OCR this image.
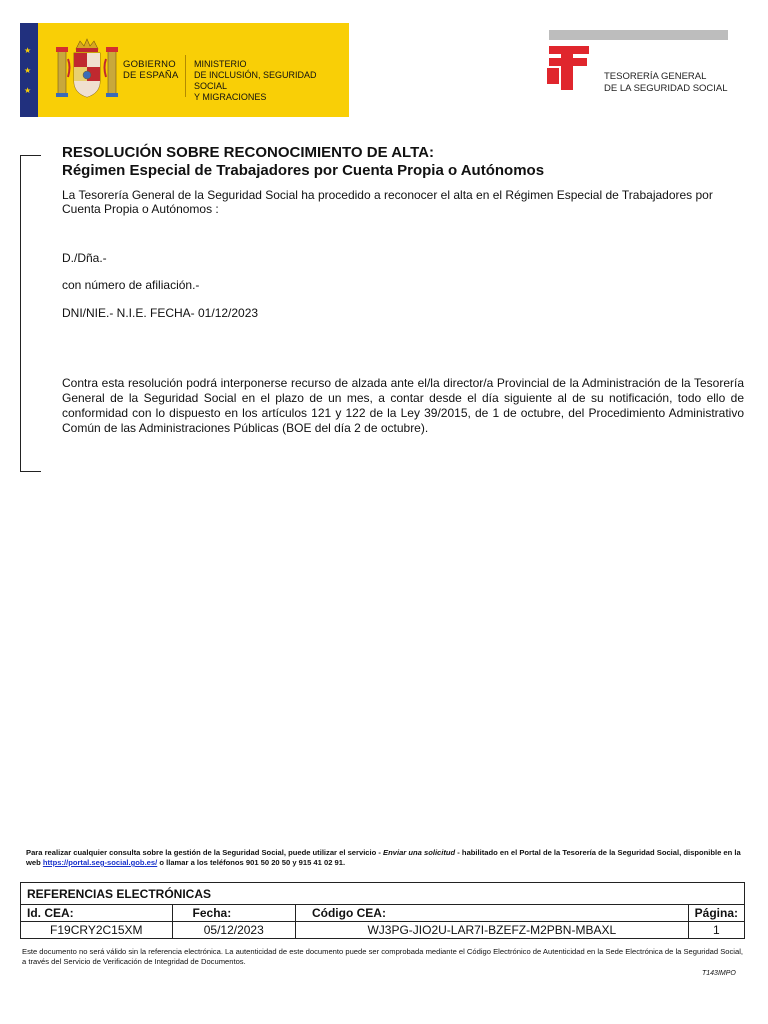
★
★
★
GOBIERNO
DE ESPAÑA
MINISTERIO
DE INCLUSIÓN, SEGURIDAD SOCIAL
Y MIGRACIONES
TESORERÍA GENERAL
DE LA SEGURIDAD SOCIAL
RESOLUCIÓN SOBRE RECONOCIMIENTO DE ALTA:
Régimen Especial de Trabajadores por Cuenta Propia o Autónomos
La Tesorería General de la Seguridad Social ha procedido a reconocer el alta en el Régimen Especial de Trabajadores por Cuenta Propia o Autónomos :
D./Dña.-
con número de afiliación.-
DNI/NIE.- N.I.E. FECHA- 01/12/2023
Contra esta resolución podrá interponerse recurso de alzada ante el/la director/a Provincial de la Administración de la Tesorería General de la Seguridad Social en el plazo de un mes, a contar desde el día siguiente al de su notificación, todo ello de conformidad con lo dispuesto en los artículos 121 y 122 de la Ley 39/2015, de 1 de octubre, del Procedimiento Administrativo Común de las Administraciones Públicas (BOE del día 2 de octubre).
Para realizar cualquier consulta sobre la gestión de la Seguridad Social, puede utilizar el servicio - Enviar una solicitud - habilitado en el Portal de la Tesorería de la Seguridad Social, disponible en la web https://portal.seg-social.gob.es/ o llamar a los teléfonos 901 50 20 50 y 915 41 02 91.
REFERENCIAS ELECTRÓNICAS			
Id. CEA:	Fecha:	Código CEA:	Página:
F19CRY2C15XM	05/12/2023	WJ3PG-JIO2U-LAR7I-BZEFZ-M2PBN-MBAXL	1
Este documento no será válido sin la referencia electrónica. La autenticidad de este documento puede ser comprobada mediante el Código Electrónico de Autenticidad en la Sede Electrónica de la Seguridad Social, a través del Servicio de Verificación de Integridad de Documentos.
T143IMPO
